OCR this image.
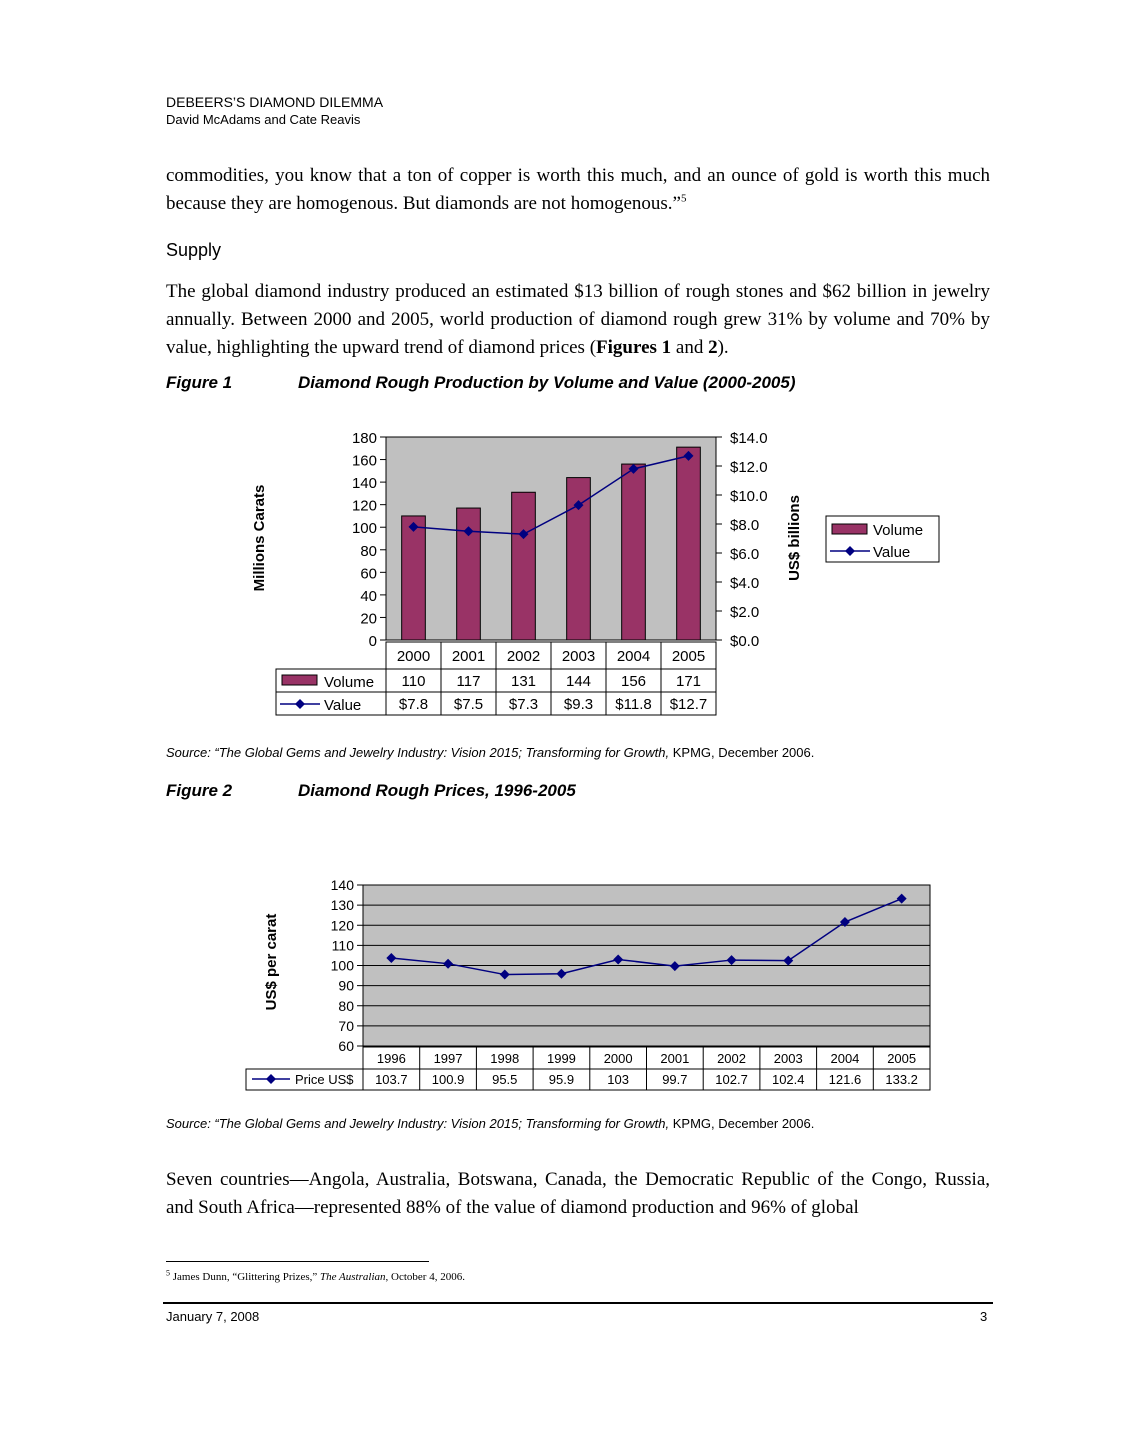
DEBEERS’S DIAMOND DILEMMA
David McAdams and Cate Reavis
commodities, you know that a ton of copper is worth this much, and an ounce of gold is worth this much because they are homogenous. But diamonds are not homogenous.”$^5$
Supply
The global diamond industry produced an estimated $13 billion of rough stones and $62 billion in jewelry annually. Between 2000 and 2005, world production of diamond rough grew 31% by volume and 70% by value, highlighting the upward trend of diamond prices (Figures 1 and 2).
Figure 1	Diamond Rough Production by Volume and Value (2000-2005)
0
20
40
60
80
100
120
140
160
180
$0.0
$2.0
$4.0
$6.0
$8.0
$10.0
$12.0
$14.0
2000 2001 2002 2003 2004 2005
110 117 131 144 156 171
$7.8 $7.5 $7.3 $9.3 $11.8 $12.7
Volume
Value
Millions Carats	US$ billions	Volume
Value
Source: “The Global Gems and Jewelry Industry: Vision 2015; Transforming for Growth, KPMG, December 2006.
Figure 2	Diamond Rough Prices, 1996-2005
60
70
80
90
100
110
120
130
140
1996 1997 1998 1999 2000 2001 2002 2003 2004 2005
103.7 100.9 95.5 95.9	103	99.7 102.7 102.4 121.6 133.2
Price US$
US$ per carat
Source: “The Global Gems and Jewelry Industry: Vision 2015; Transforming for Growth, KPMG, December 2006.
Seven countries—Angola, Australia, Botswana, Canada, the Democratic Republic of the Congo, Russia, and South Africa—represented 88% of the value of diamond production and 96% of global
$^5$ James Dunn, “Glittering Prizes,” The Australian, October 4, 2006.
January 7, 2008	3
